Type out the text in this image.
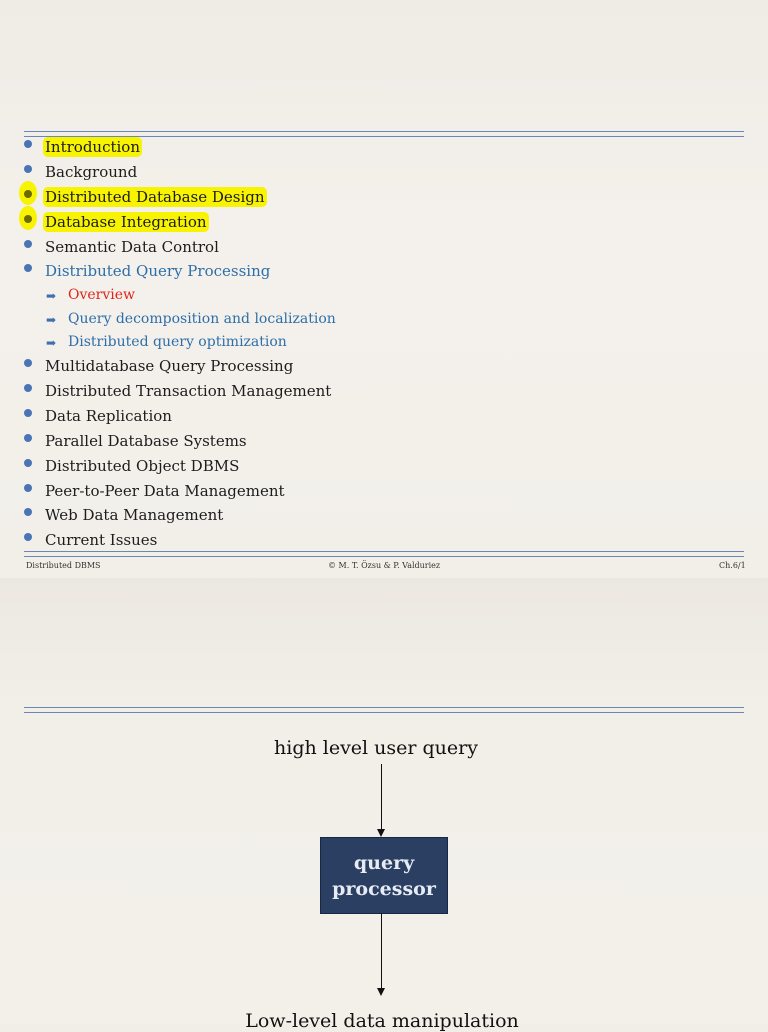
Introduction
Background
Distributed Database Design
Database Integration
Semantic Data Control
Distributed Query Processing
➡ Overview
➡ Query decomposition and localization
➡ Distributed query optimization
Multidatabase Query Processing
Distributed Transaction Management
Data Replication
Parallel Database Systems
Distributed Object DBMS
Peer-to-Peer Data Management
Web Data Management
Current Issues
Distributed DBMS	© M. T. Özsu & P. Valduriez	Ch.6/1
high level user query
query
processor
Low-level data manipulation
